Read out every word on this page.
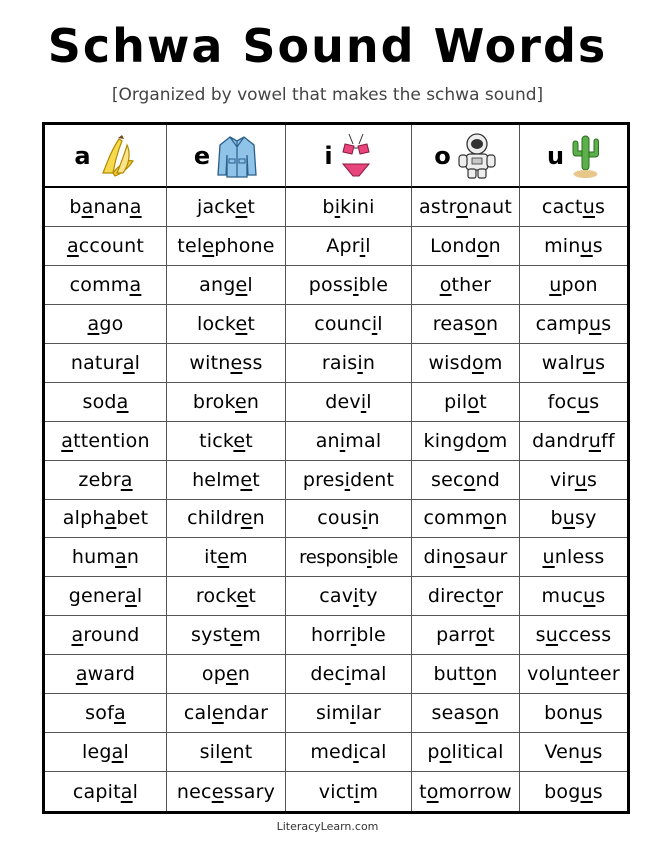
Schwa Sound Words
[Organized by vowel that makes the schwa sound]
a	e	i	o	u
banana	jacket	bikini astronaut cactus
account telephone	April	London minus
comma	angel	possible	other	upon
ago	locket	council	reason campus
natural	witness	raisin	wisdom walrus
soda	broken	devil	pilot	focus
attention	ticket	animal kingdom dandruff
zebra	helmet president second	virus
alphabet children	cousin common busy
human	item	responsible dinosaur unless
general	rocket	cavity	director mucus
around	system	horrible	parrot success
award	open	decimal button volunteer
sofa	calendar	similar	season bonus
legal	silent	medical political Venus
capital necessary victim tomorrow bogus
LiteracyLearn.com
